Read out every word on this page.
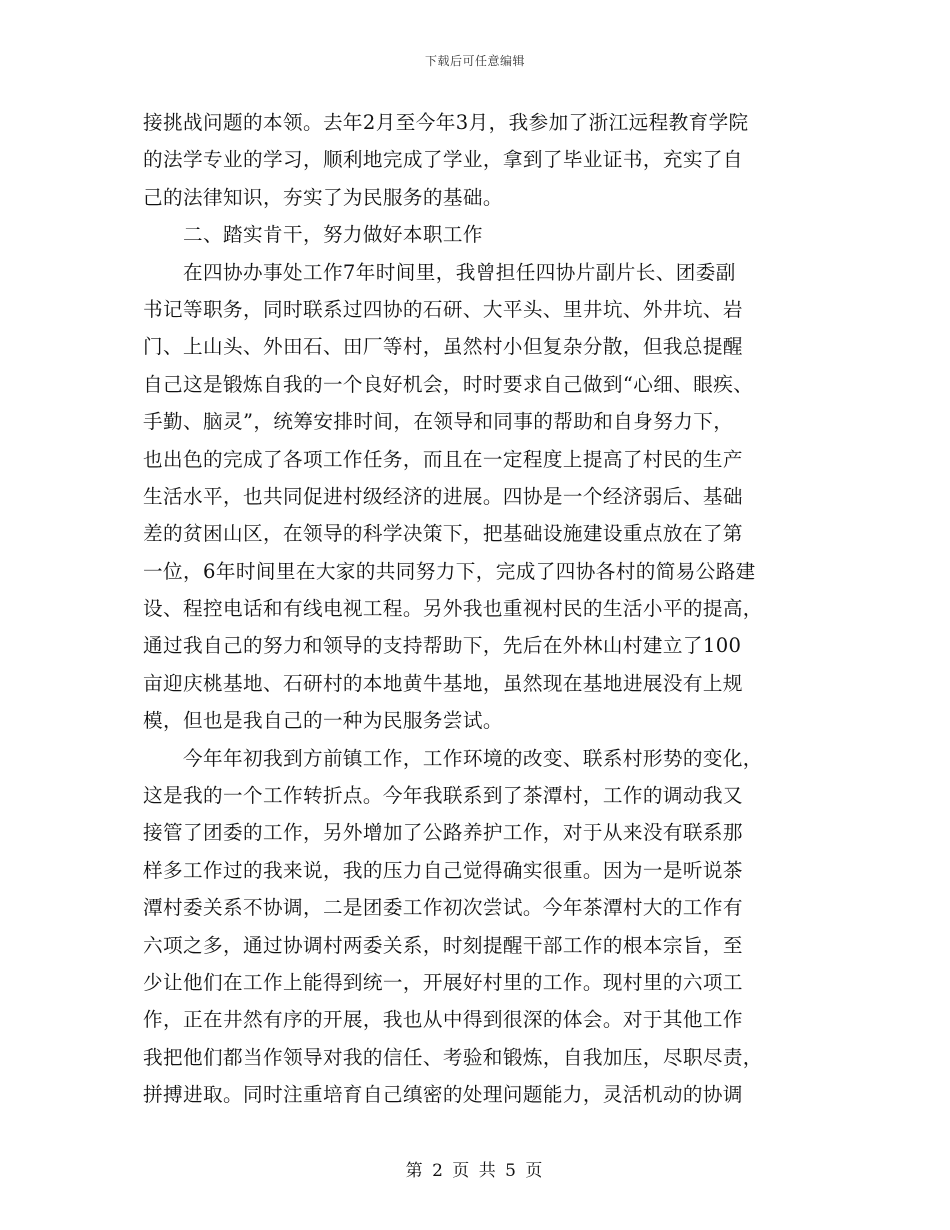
下载后可任意编辑
接挑战问题的本领。去年2月至今年3月，我参加了浙江远程教育学院
的法学专业的学习，顺利地完成了学业，拿到了毕业证书，充实了自
己的法律知识，夯实了为民服务的基础。
　　二、踏实肯干，努力做好本职工作
　　在四协办事处工作7年时间里，我曾担任四协片副片长、团委副
书记等职务，同时联系过四协的石研、大平头、里井坑、外井坑、岩
门、上山头、外田石、田厂等村，虽然村小但复杂分散，但我总提醒
自己这是锻炼自我的一个良好机会，时时要求自己做到“心细、眼疾、
手勤、脑灵”，统筹安排时间，在领导和同事的帮助和自身努力下，
也出色的完成了各项工作任务，而且在一定程度上提高了村民的生产
生活水平，也共同促进村级经济的进展。四协是一个经济弱后、基础
差的贫困山区，在领导的科学决策下，把基础设施建设重点放在了第
一位，6年时间里在大家的共同努力下，完成了四协各村的简易公路建
设、程控电话和有线电视工程。另外我也重视村民的生活小平的提高，
通过我自己的努力和领导的支持帮助下，先后在外林山村建立了100
亩迎庆桃基地、石研村的本地黄牛基地，虽然现在基地进展没有上规
模，但也是我自己的一种为民服务尝试。
　　今年年初我到方前镇工作，工作环境的改变、联系村形势的变化，
这是我的一个工作转折点。今年我联系到了茶潭村，工作的调动我又
接管了团委的工作，另外增加了公路养护工作，对于从来没有联系那
样多工作过的我来说，我的压力自己觉得确实很重。因为一是听说茶
潭村委关系不协调，二是团委工作初次尝试。今年茶潭村大的工作有
六项之多，通过协调村两委关系，时刻提醒干部工作的根本宗旨，至
少让他们在工作上能得到统一，开展好村里的工作。现村里的六项工
作，正在井然有序的开展，我也从中得到很深的体会。对于其他工作
我把他们都当作领导对我的信任、考验和锻炼，自我加压，尽职尽责，
拼搏进取。同时注重培育自己缜密的处理问题能力，灵活机动的协调
第 2 页 共 5 页
